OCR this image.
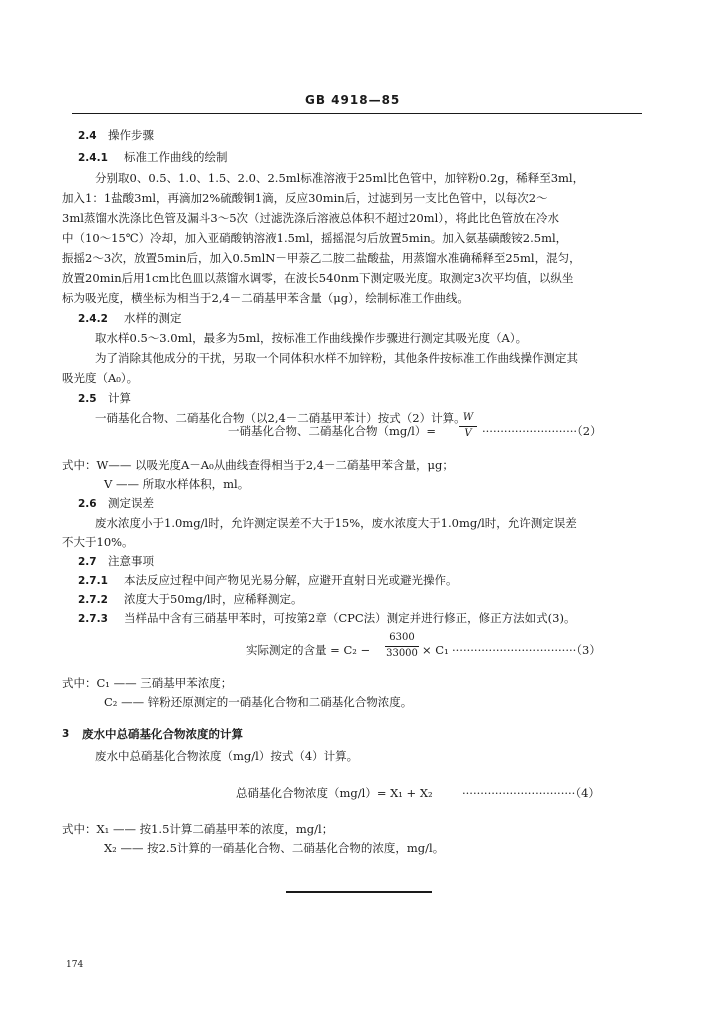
GB 4918—85
2.4 操作步骤
2.4.1 标准工作曲线的绘制
分别取0、0.5、1.0、1.5、2.0、2.5ml标准溶液于25ml比色管中，加锌粉0.2g，稀释至3ml，
加入1：1盐酸3ml，再滴加2%硫酸铜1滴，反应30min后，过滤到另一支比色管中，以每次2～
3ml蒸馏水洗涤比色管及漏斗3～5次（过滤洗涤后溶液总体积不超过20ml），将此比色管放在冷水
中（10～15℃）冷却，加入亚硝酸钠溶液1.5ml，摇摇混匀后放置5min。加入氨基磺酸铵2.5ml，
振摇2～3次，放置5min后，加入0.5mlN－甲萘乙二胺二盐酸盐，用蒸馏水准确稀释至25ml，混匀，
放置20min后用1cm比色皿以蒸馏水调零，在波长540nm下测定吸光度。取测定3次平均值，以纵坐
标为吸光度，横坐标为相当于2,4－二硝基甲苯含量（μg），绘制标准工作曲线。
2.4.2 水样的测定
取水样0.5～3.0ml，最多为5ml，按标准工作曲线操作步骤进行测定其吸光度（A）。
为了消除其他成分的干扰，另取一个同体积水样不加锌粉，其他条件按标准工作曲线操作测定其
吸光度（A₀）。
2.5 计算
一硝基化合物、二硝基化合物（以2,4－二硝基甲苯计）按式（2）计算。
一硝基化合物、二硝基化合物（mg/l）=
W
V ··························（2）
式中：W—— 以吸光度A－A₀从曲线查得相当于2,4－二硝基甲苯含量，μg；
V —— 所取水样体积，ml。
2.6 测定误差
废水浓度小于1.0mg/l时，允许测定误差不大于15%，废水浓度大于1.0mg/l时，允许测定误差
不大于10%。
2.7 注意事项
2.7.1 本法反应过程中间产物见光易分解，应避开直射日光或避光操作。
2.7.2 浓度大于50mg/l时，应稀释测定。
2.7.3 当样品中含有三硝基甲苯时，可按第2章（CPC法）测定并进行修正，修正方法如式(3)。
实际测定的含量 = C₂ −
6300
33000 × C₁ ··································（3）
式中：C₁ —— 三硝基甲苯浓度；
C₂ —— 锌粉还原测定的一硝基化合物和二硝基化合物浓度。
3 废水中总硝基化合物浓度的计算
废水中总硝基化合物浓度（mg/l）按式（4）计算。
总硝基化合物浓度（mg/l）= X₁ + X₂	·······························（4）
式中：X₁ —— 按1.5计算二硝基甲苯的浓度，mg/l；
X₂ —— 按2.5计算的一硝基化合物、二硝基化合物的浓度，mg/l。
174
